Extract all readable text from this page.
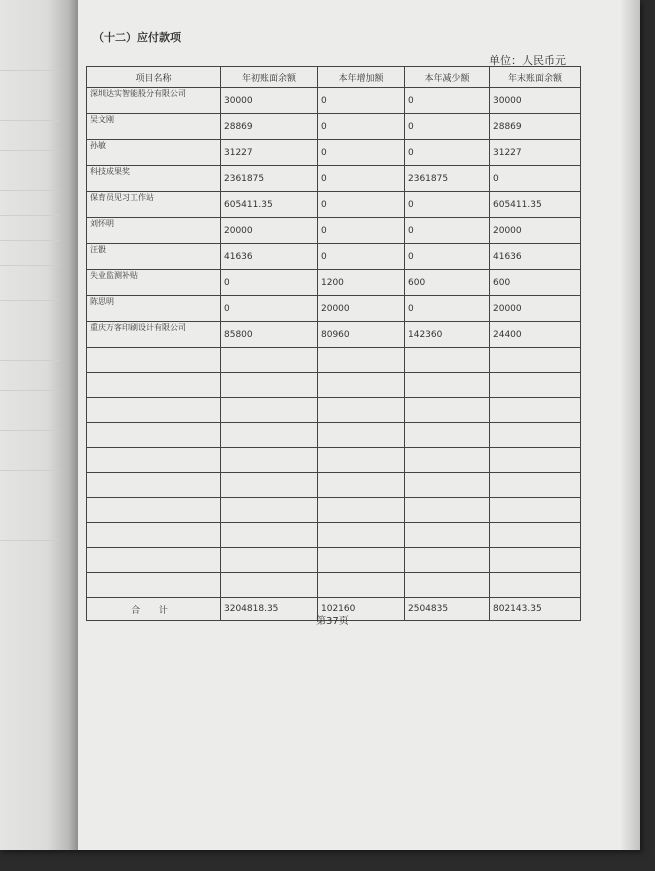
（十二）应付款项
单位：人民币元
项目名称	年初账面余额	本年增加额	本年减少额	年末账面余额
深圳达实智能股分有限公司	30000	0	0	30000
吴文刚	28869	0	0	28869
孙敏	31227	0	0	31227
科技成果奖	2361875	0	2361875	0
保育员见习工作站	605411.35	0	0	605411.35
刘怀明	20000	0	0	20000
汪骰	41636	0	0	41636
失业监测补贴	0	1200	600	600
陈思明	0	20000	0	20000
重庆万客印刷设计有限公司	85800	80960	142360	24400

合 计	3204818.35	102160	2504835	802143.35
第37页
